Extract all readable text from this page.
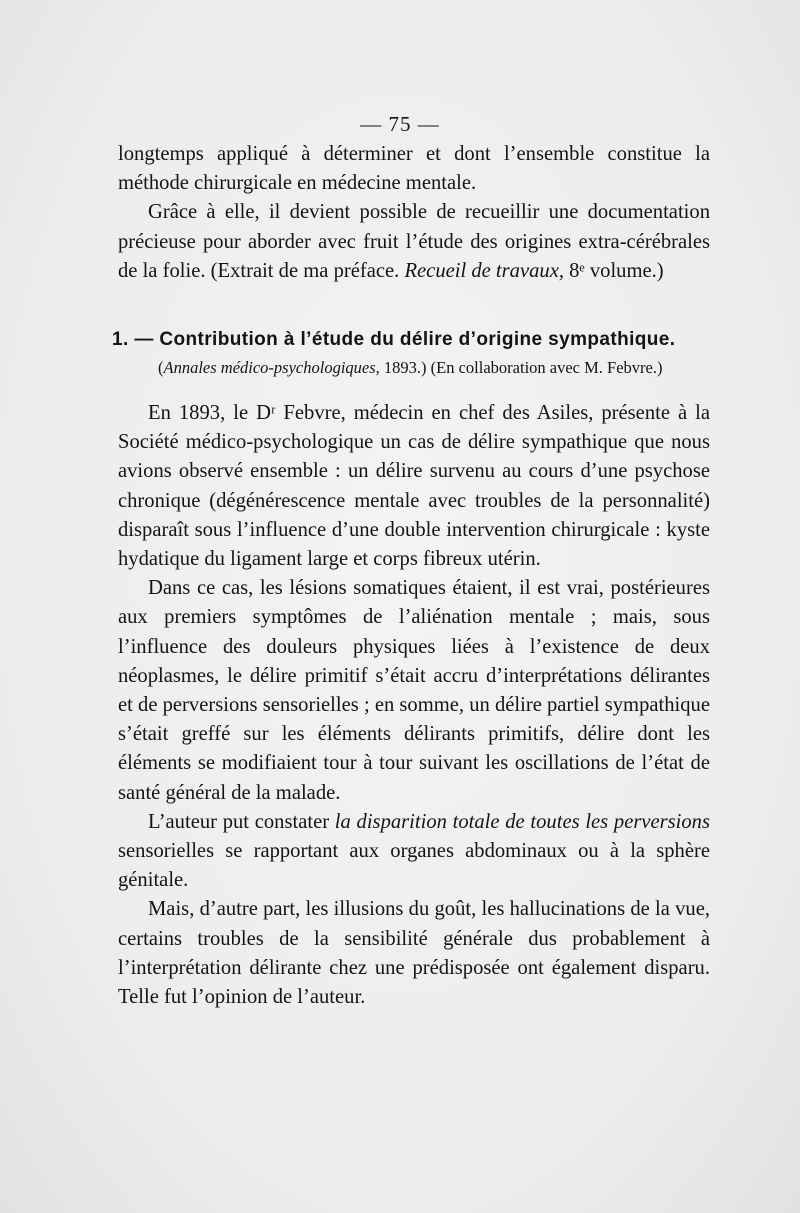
— 75 —

longtemps appliqué à déterminer et dont l’ensemble constitue la méthode chirurgicale en médecine mentale.

Grâce à elle, il devient possible de recueillir une documentation précieuse pour aborder avec fruit l’étude des origines extra-cérébrales de la folie. (Extrait de ma préface. Recueil de travaux, 8ᵉ volume.)

1. — Contribution à l’étude du délire d’origine sympathique.
(Annales médico-psychologiques, 1893.) (En collaboration avec M. Febvre.)

En 1893, le Dʳ Febvre, médecin en chef des Asiles, présente à la Société médico-psychologique un cas de délire sympathique que nous avions observé ensemble : un délire survenu au cours d’une psychose chronique (dégénérescence mentale avec troubles de la personnalité) disparaît sous l’influence d’une double intervention chirurgicale : kyste hydatique du ligament large et corps fibreux utérin.

Dans ce cas, les lésions somatiques étaient, il est vrai, postérieures aux premiers symptômes de l’aliénation mentale ; mais, sous l’influence des douleurs physiques liées à l’existence de deux néoplasmes, le délire primitif s’était accru d’interprétations délirantes et de perversions sensorielles ; en somme, un délire partiel sympathique s’était greffé sur les éléments délirants primitifs, délire dont les éléments se modifiaient tour à tour suivant les oscillations de l’état de santé général de la malade.

L’auteur put constater la disparition totale de toutes les perversions sensorielles se rapportant aux organes abdominaux ou à la sphère génitale.

Mais, d’autre part, les illusions du goût, les hallucinations de la vue, certains troubles de la sensibilité générale dus probablement à l’interprétation délirante chez une prédisposée ont également disparu. Telle fut l’opinion de l’auteur.
